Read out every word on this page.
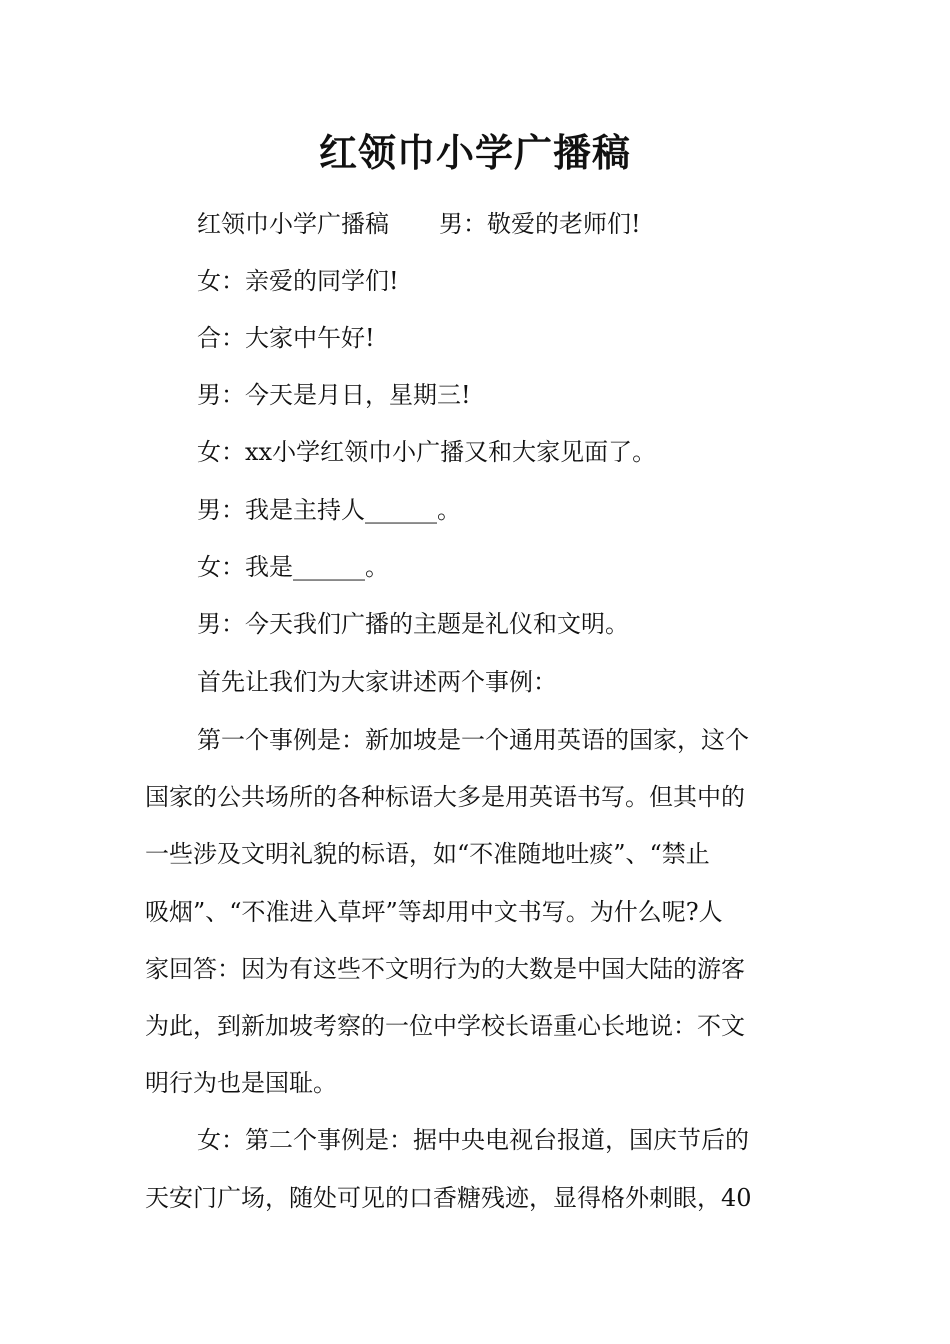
红领巾小学广播稿
红领巾小学广播稿 男：敬爱的老师们!
女：亲爱的同学们!
合：大家中午好!
男：今天是月日，星期三!
女：xx小学红领巾小广播又和大家见面了。
男：我是主持人______。
女：我是______。
男：今天我们广播的主题是礼仪和文明。
首先让我们为大家讲述两个事例：
第一个事例是：新加坡是一个通用英语的国家，这个
国家的公共场所的各种标语大多是用英语书写。但其中的
一些涉及文明礼貌的标语，如“不准随地吐痰”、“禁止
吸烟”、“不准进入草坪”等却用中文书写。为什么呢?人
家回答：因为有这些不文明行为的大数是中国大陆的游客
为此，到新加坡考察的一位中学校长语重心长地说：不文
明行为也是国耻。
女：第二个事例是：据中央电视台报道，国庆节后的
天安门广场，随处可见的口香糖残迹，显得格外刺眼，40
